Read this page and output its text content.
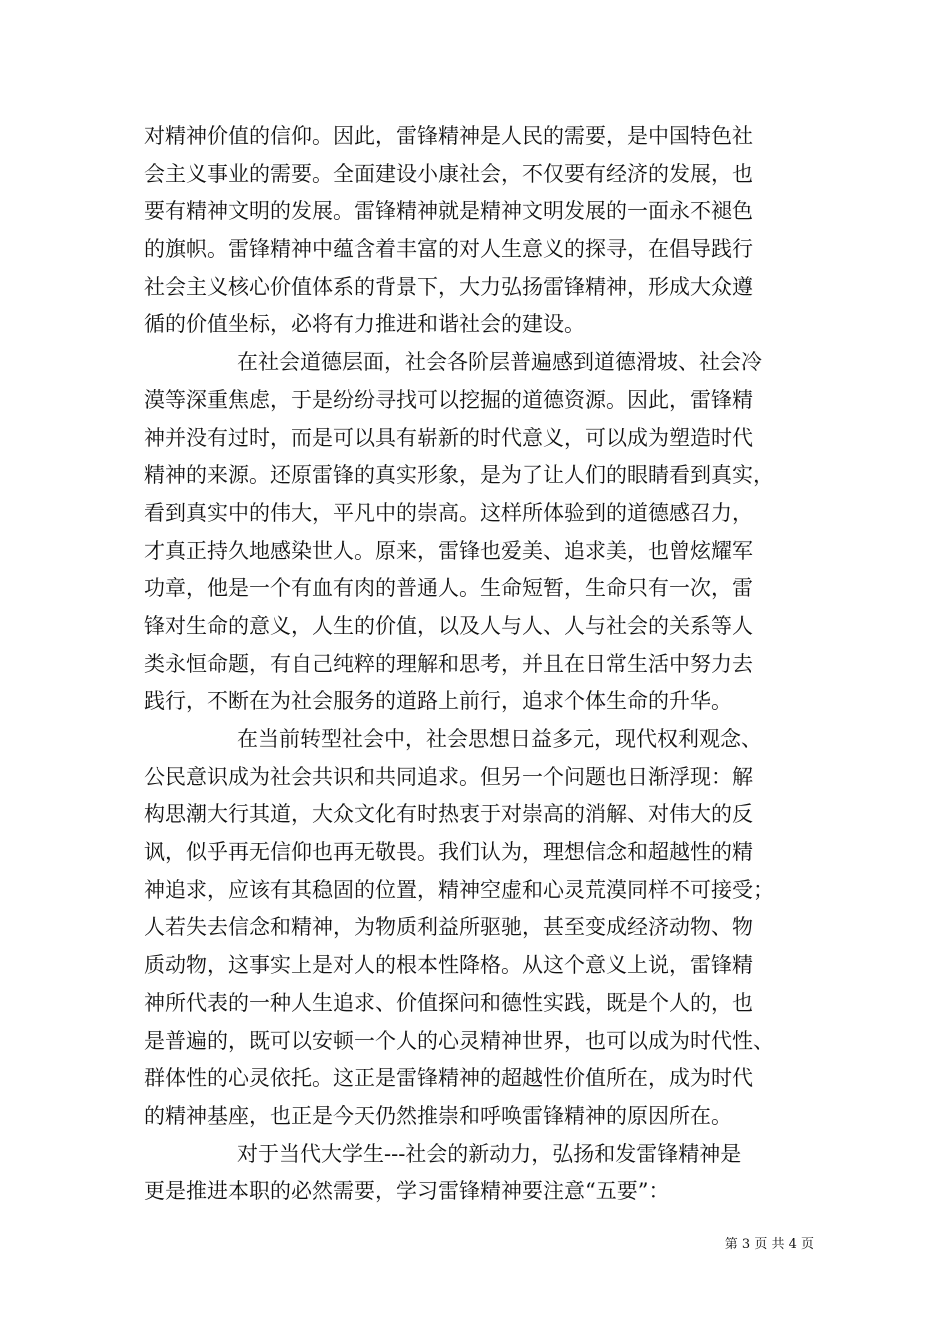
对精神价值的信仰。因此，雷锋精神是人民的需要，是中国特色社
会主义事业的需要。全面建设小康社会，不仅要有经济的发展，也
要有精神文明的发展。雷锋精神就是精神文明发展的一面永不褪色
的旗帜。雷锋精神中蕴含着丰富的对人生意义的探寻，在倡导践行
社会主义核心价值体系的背景下，大力弘扬雷锋精神，形成大众遵
循的价值坐标，必将有力推进和谐社会的建设。
在社会道德层面，社会各阶层普遍感到道德滑坡、社会冷
漠等深重焦虑，于是纷纷寻找可以挖掘的道德资源。因此，雷锋精
神并没有过时，而是可以具有崭新的时代意义，可以成为塑造时代
精神的来源。还原雷锋的真实形象，是为了让人们的眼睛看到真实，
看到真实中的伟大，平凡中的崇高。这样所体验到的道德感召力，
才真正持久地感染世人。原来，雷锋也爱美、追求美，也曾炫耀军
功章，他是一个有血有肉的普通人。生命短暂，生命只有一次，雷
锋对生命的意义，人生的价值，以及人与人、人与社会的关系等人
类永恒命题，有自己纯粹的理解和思考，并且在日常生活中努力去
践行，不断在为社会服务的道路上前行，追求个体生命的升华。
在当前转型社会中，社会思想日益多元，现代权利观念、
公民意识成为社会共识和共同追求。但另一个问题也日渐浮现：解
构思潮大行其道，大众文化有时热衷于对崇高的消解、对伟大的反
讽，似乎再无信仰也再无敬畏。我们认为，理想信念和超越性的精
神追求，应该有其稳固的位置，精神空虚和心灵荒漠同样不可接受；
人若失去信念和精神，为物质利益所驱驰，甚至变成经济动物、物
质动物，这事实上是对人的根本性降格。从这个意义上说，雷锋精
神所代表的一种人生追求、价值探问和德性实践，既是个人的，也
是普遍的，既可以安顿一个人的心灵精神世界，也可以成为时代性、
群体性的心灵依托。这正是雷锋精神的超越性价值所在，成为时代
的精神基座，也正是今天仍然推崇和呼唤雷锋精神的原因所在。
对于当代大学生---社会的新动力，弘扬和发雷锋精神是
更是推进本职的必然需要，学习雷锋精神要注意“五要”：
第 3 页 共 4 页
